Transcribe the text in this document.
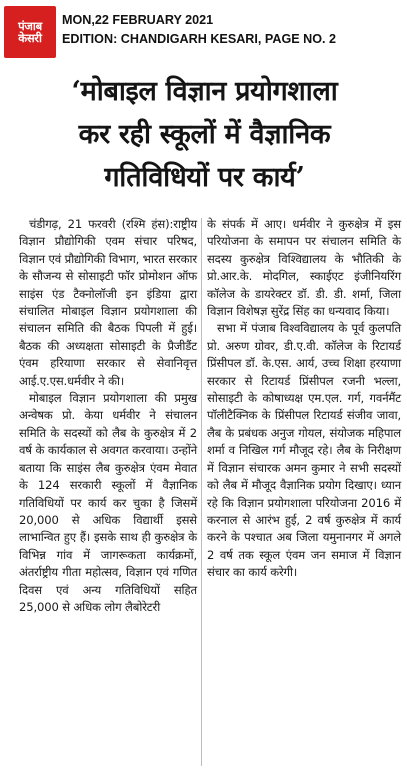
पंजाब
केसरी
MON,22 FEBRUARY 2021
EDITION: CHANDIGARH KESARI, PAGE NO. 2
‘मोबाइल विज्ञान प्रयोगशाला
कर रही स्कूलों में वैज्ञानिक
गतिविधियों पर कार्य’

चंडीगढ़, 21 फरवरी (रश्मि हंस):राष्ट्रीय विज्ञान प्रौद्योगिकी एवम संचार परिषद, विज्ञान एवं प्रौद्योगिकी विभाग, भारत सरकार के सौजन्य से सोसाइटी फॉर प्रोमोशन ऑफ साइंस एंड टैक्नोलॉजी इन इंडिया द्वारा संचालित मोबाइल विज्ञान प्रयोगशाला की संचालन समिति की बैठक पिपली में हुई। बैठक की अध्यक्षता सोसाइटी के प्रैजीडैंट एंवम हरियाणा सरकार से सेवानिवृत्त आई.ए.एस.धर्मवीर ने की।

मोबाइल विज्ञान प्रयोगशाला की प्रमुख अन्वेषक प्रो. केया धर्मवीर ने संचालन समिति के सदस्यों को लैब के कुरुक्षेत्र में 2 वर्ष के कार्यकाल से अवगत करवाया। उन्होंने बताया कि साइंस लैब कुरुक्षेत्र एंवम मेवात के 124 सरकारी स्कूलों में वैज्ञानिक गतिविधियों पर कार्य कर चुका है जिसमें 20,000 से अधिक विद्यार्थी इससे लाभान्वित हुए हैं। इसके साथ ही कुरुक्षेत्र के विभिन्न गांव में जागरूकता कार्यक्रमों, अंतर्राष्ट्रीय गीता महोत्सव, विज्ञान एवं गणित दिवस एवं अन्य गतिविधियों सहित 25,000 से अधिक लोग लैबोरेटरी

के संपर्क में आए। धर्मवीर ने कुरुक्षेत्र में इस परियोजना के समापन पर संचालन समिति के सदस्य कुरुक्षेत्र विश्विद्यालय के भौतिकी के प्रो.आर.के. मोदगिल, स्काईएट इंजीनियरिंग कॉलेज के डायरेक्टर डॉ. डी. डी. शर्मा, जिला विज्ञान विशेषज्ञ सुरेंद्र सिंह का धन्यवाद किया।

सभा में पंजाब विश्वविद्यालय के पूर्व कुलपति प्रो. अरुण ग्रोवर, डी.ए.वी. कॉलेज के रिटायर्ड प्रिंसीपल डॉ. के.एस. आर्य, उच्च शिक्षा हरयाणा सरकार से रिटायर्ड प्रिंसीपल रजनी भल्ला, सोसाइटी के कोषाध्यक्ष एम.एल. गर्ग, गवर्नमैंट पॉलीटैक्निक के प्रिंसीपल रिटायर्ड संजीव जावा, लैब के प्रबंधक अनुज गोयल, संयोजक महिपाल शर्मा व निखिल गर्ग मौजूद रहे। लैब के निरीक्षण में विज्ञान संचारक अमन कुमार ने सभी सदस्यों को लैब में मौजूद वैज्ञानिक प्रयोग दिखाए। ध्यान रहे कि विज्ञान प्रयोगशाला परियोजना 2016 में करनाल से आरंभ हुई, 2 वर्ष कुरुक्षेत्र में कार्य करने के पश्चात अब जिला यमुनानगर में अगले 2 वर्ष तक स्कूल एंवम जन समाज में विज्ञान संचार का कार्य करेगी।
